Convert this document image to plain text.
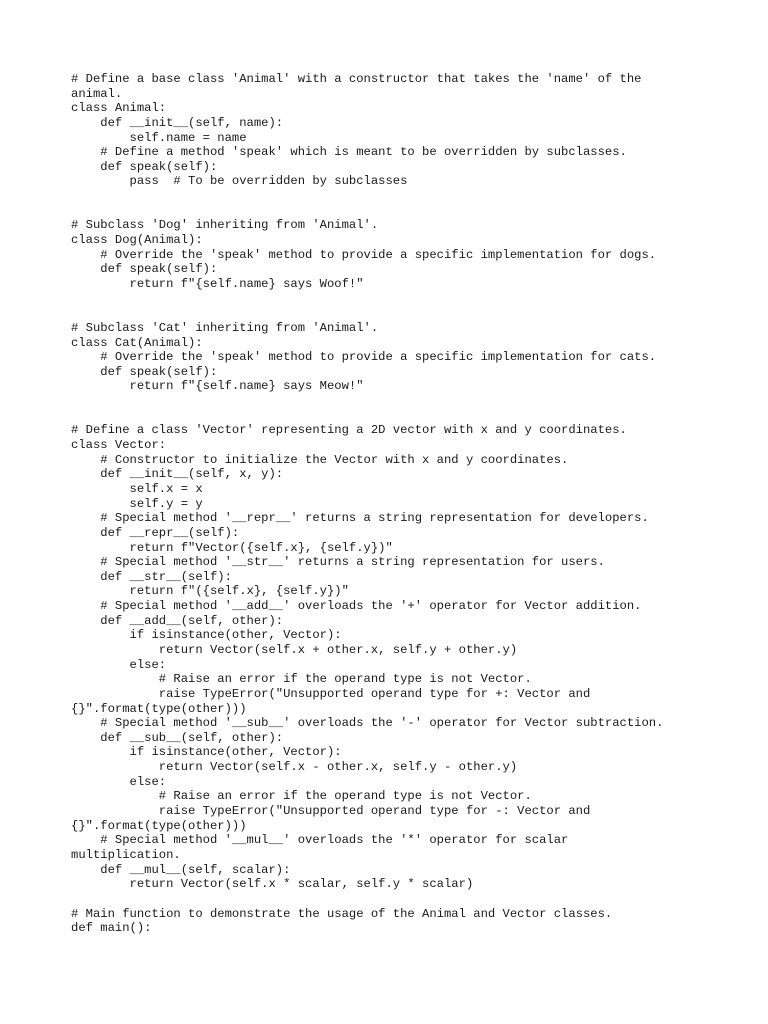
# Define a base class 'Animal' with a constructor that takes the 'name' of the
animal.
class Animal:
def __init__(self, name):
self.name = name
# Define a method 'speak' which is meant to be overridden by subclasses.
def speak(self):
pass  # To be overridden by subclasses
# Subclass 'Dog' inheriting from 'Animal'.
class Dog(Animal):
# Override the 'speak' method to provide a specific implementation for dogs.
def speak(self):
return f"{self.name} says Woof!"
# Subclass 'Cat' inheriting from 'Animal'.
class Cat(Animal):
# Override the 'speak' method to provide a specific implementation for cats.
def speak(self):
return f"{self.name} says Meow!"
# Define a class 'Vector' representing a 2D vector with x and y coordinates.
class Vector:
# Constructor to initialize the Vector with x and y coordinates.
def __init__(self, x, y):
self.x = x
self.y = y
# Special method '__repr__' returns a string representation for developers.
def __repr__(self):
return f"Vector({self.x}, {self.y})"
# Special method '__str__' returns a string representation for users.
def __str__(self):
return f"({self.x}, {self.y})"
# Special method '__add__' overloads the '+' operator for Vector addition.
def __add__(self, other):
if isinstance(other, Vector):
return Vector(self.x + other.x, self.y + other.y)
else:
# Raise an error if the operand type is not Vector.
raise TypeError("Unsupported operand type for +: Vector and
{}".format(type(other)))
# Special method '__sub__' overloads the '-' operator for Vector subtraction.
def __sub__(self, other):
if isinstance(other, Vector):
return Vector(self.x - other.x, self.y - other.y)
else:
# Raise an error if the operand type is not Vector.
raise TypeError("Unsupported operand type for -: Vector and
{}".format(type(other)))
# Special method '__mul__' overloads the '*' operator for scalar
multiplication.
def __mul__(self, scalar):
return Vector(self.x * scalar, self.y * scalar)
# Main function to demonstrate the usage of the Animal and Vector classes.
def main():
